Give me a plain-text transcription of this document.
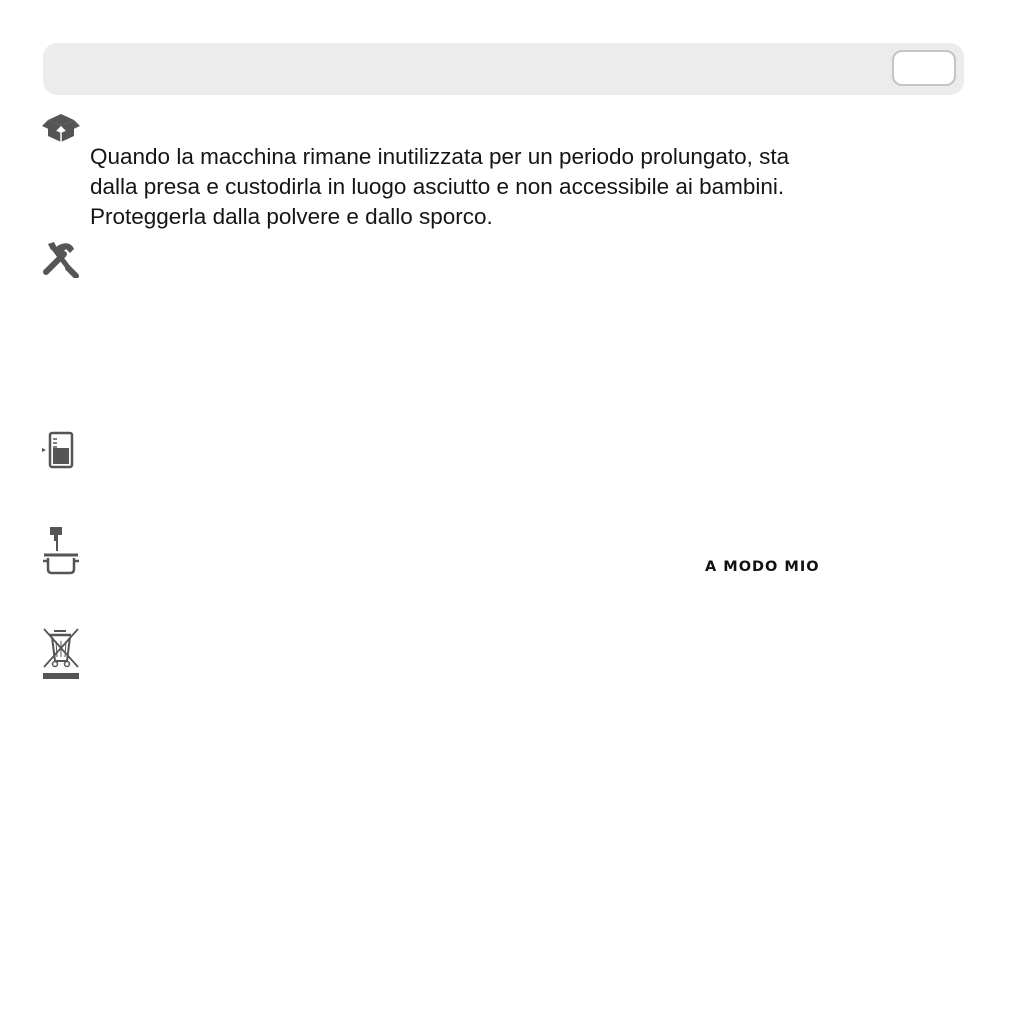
Quando la macchina rimane inutilizzata per un periodo prolungato, sta
dalla presa e custodirla in luogo asciutto e non accessibile ai bambini.
Proteggerla dalla polvere e dallo sporco.

A MODO MIO
